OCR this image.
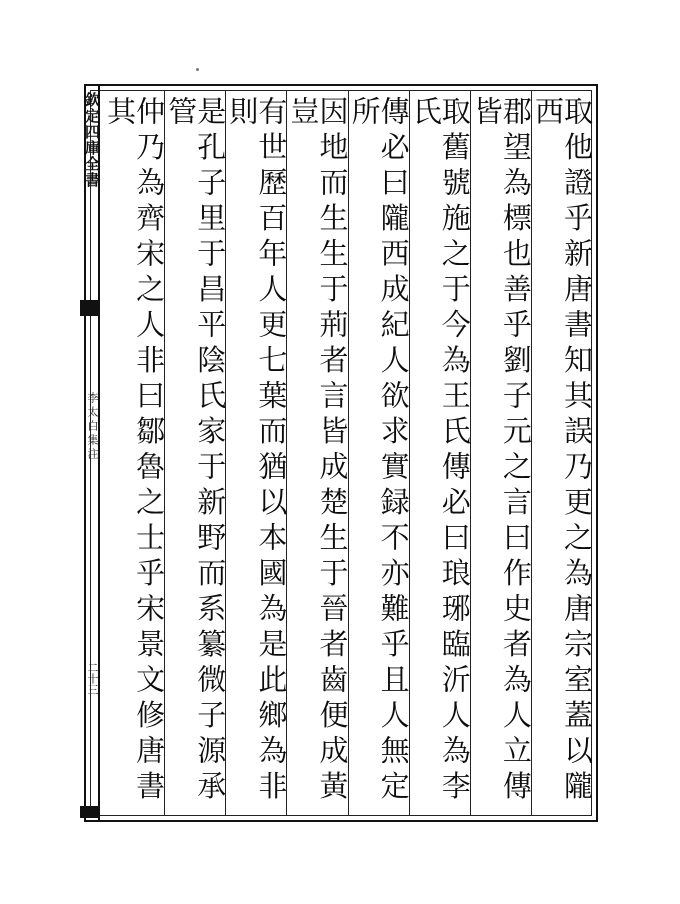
欽定四庫全書
李太白集注
二十三	取他證乎新唐書知其誤乃更之為唐宗室蓋以隴西
郡望為標也善乎劉子元之言曰作史者為人立傳皆
取舊號施之于今為王氏傳必曰琅琊臨沂人為李氏
傳必曰隴西成紀人欲求實録不亦難乎且人無定所
因地而生生于荊者言皆成楚生于晉者齒便成黃豈
有世歷百年人更七葉而猶以本國為是此鄉為非則
是孔子里于昌平陰氏家于新野而系纂微子源承管
仲乃為齊宋之人非曰鄒魯之士乎宋景文修唐書其
